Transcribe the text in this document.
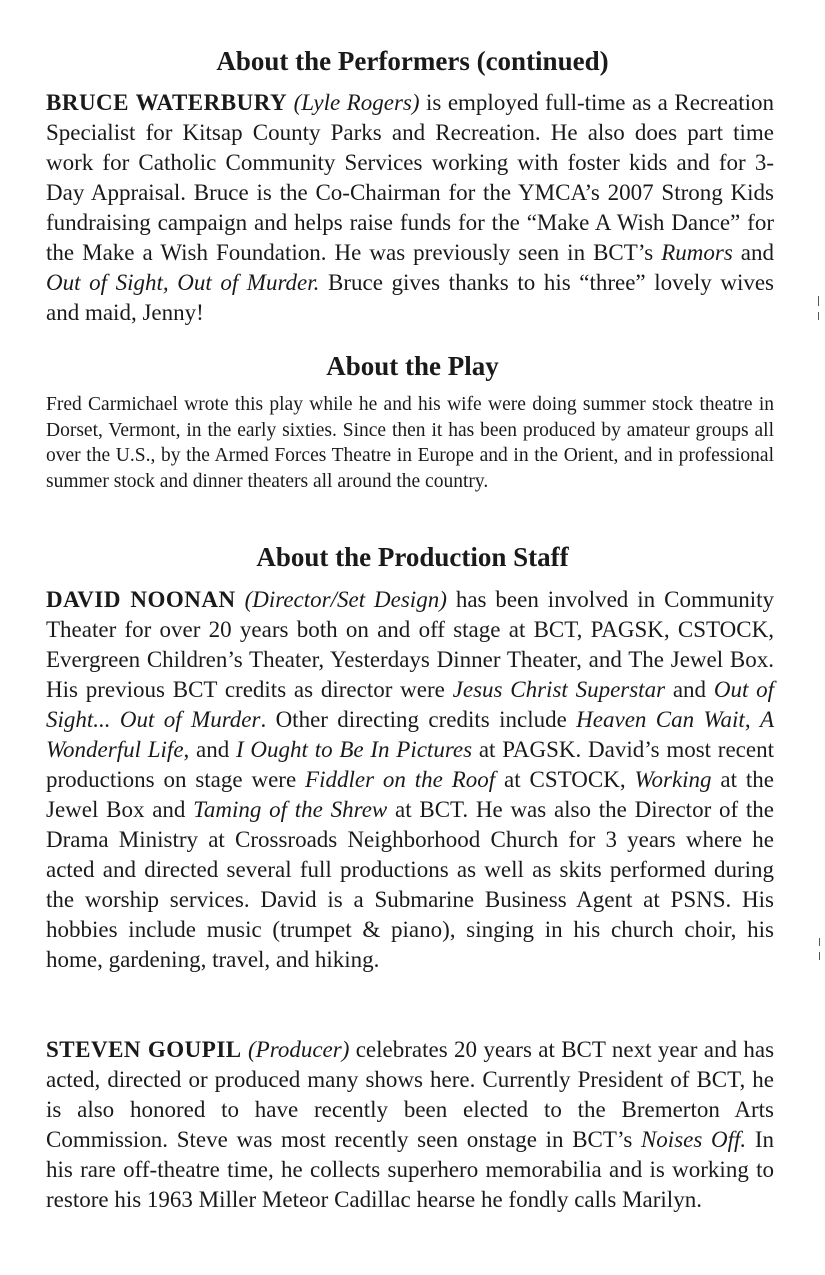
About the Performers (continued)

BRUCE WATERBURY (Lyle Rogers) is employed full-time as a Recreation Specialist for Kitsap County Parks and Recreation. He also does part time work for Catholic Community Services working with foster kids and for 3-Day Appraisal. Bruce is the Co-Chairman for the YMCA’s 2007 Strong Kids fundraising campaign and helps raise funds for the “Make A Wish Dance” for the Make a Wish Foundation. He was previously seen in BCT’s Rumors and Out of Sight, Out of Murder. Bruce gives thanks to his “three” lovely wives and maid, Jenny!

About the Play

Fred Carmichael wrote this play while he and his wife were doing summer stock theatre in Dorset, Vermont, in the early sixties. Since then it has been produced by amateur groups all over the U.S., by the Armed Forces Theatre in Europe and in the Orient, and in professional summer stock and dinner theaters all around the country.

About the Production Staff

DAVID NOONAN (Director/Set Design) has been involved in Community Theater for over 20 years both on and off stage at BCT, PAGSK, CSTOCK, Evergreen Children’s Theater, Yesterdays Dinner Theater, and The Jewel Box. His previous BCT credits as director were Jesus Christ Superstar and Out of Sight... Out of Murder. Other directing credits include Heaven Can Wait, A Wonderful Life, and I Ought to Be In Pictures at PAGSK. David’s most recent productions on stage were Fiddler on the Roof at CSTOCK, Working at the Jewel Box and Taming of the Shrew at BCT. He was also the Director of the Drama Ministry at Crossroads Neighborhood Church for 3 years where he acted and directed several full productions as well as skits performed during the worship services. David is a Submarine Business Agent at PSNS. His hobbies include music (trumpet & piano), singing in his church choir, his home, gardening, travel, and hiking.

STEVEN GOUPIL (Producer) celebrates 20 years at BCT next year and has acted, directed or produced many shows here. Currently President of BCT, he is also honored to have recently been elected to the Bremerton Arts Commission. Steve was most recently seen onstage in BCT’s Noises Off. In his rare off-theatre time, he collects superhero memorabilia and is working to restore his 1963 Miller Meteor Cadillac hearse he fondly calls Marilyn.
